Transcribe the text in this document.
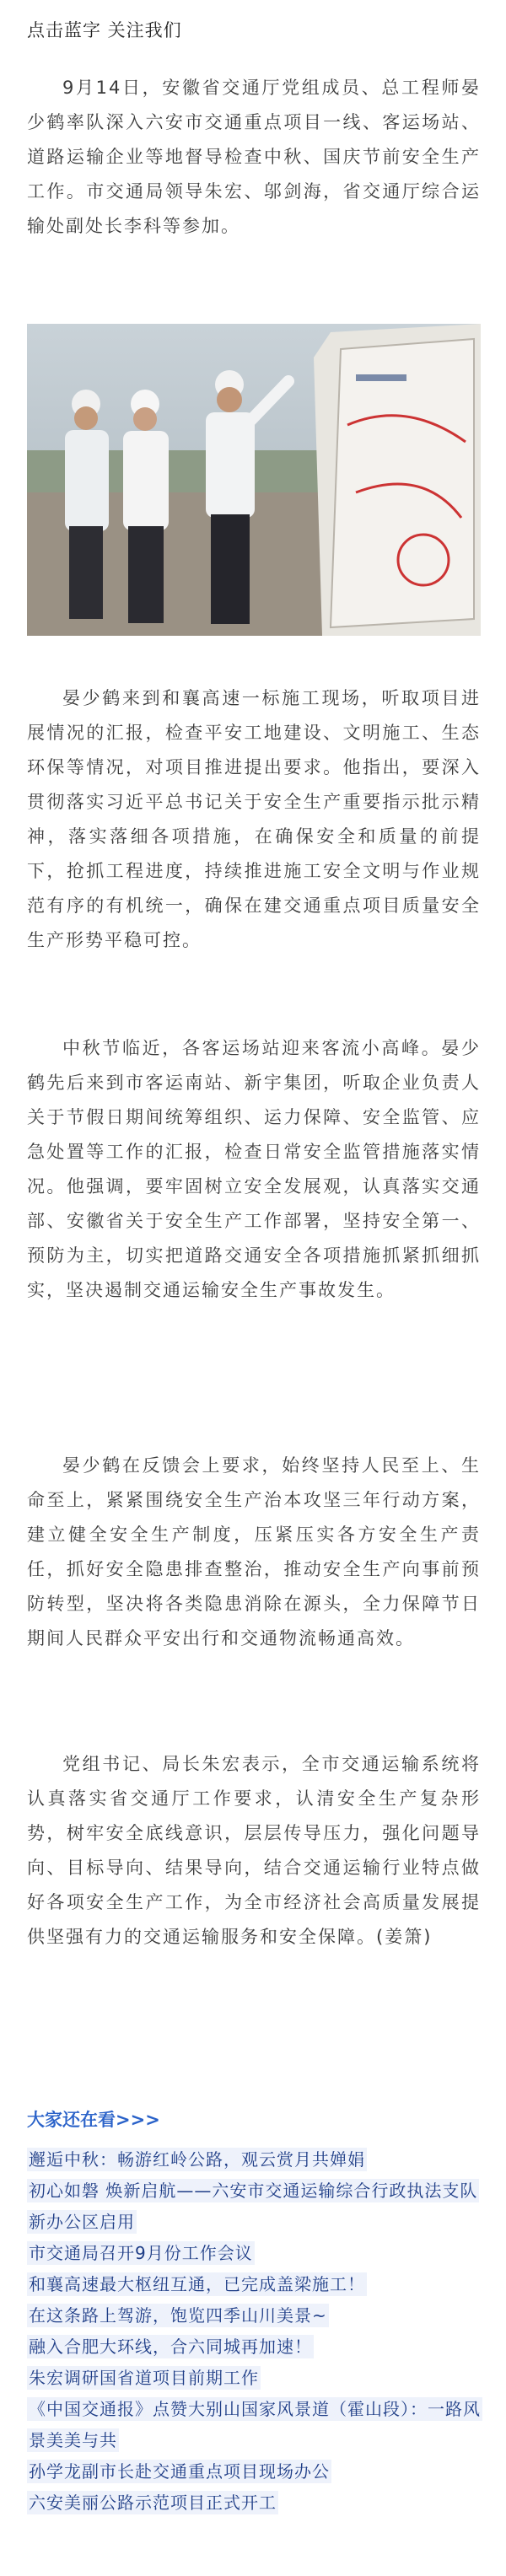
点击蓝字 关注我们

9月14日，安徽省交通厅党组成员、总工程师晏少鹤率队深入六安市交通重点项目一线、客运场站、道路运输企业等地督导检查中秋、国庆节前安全生产工作。市交通局领导朱宏、邬剑海，省交通厅综合运输处副处长李科等参加。

晏少鹤来到和襄高速一标施工现场，听取项目进展情况的汇报，检查平安工地建设、文明施工、生态环保等情况，对项目推进提出要求。他指出，要深入贯彻落实习近平总书记关于安全生产重要指示批示精神，落实落细各项措施，在确保安全和质量的前提下，抢抓工程进度，持续推进施工安全文明与作业规范有序的有机统一，确保在建交通重点项目质量安全生产形势平稳可控。

中秋节临近，各客运场站迎来客流小高峰。晏少鹤先后来到市客运南站、新宇集团，听取企业负责人关于节假日期间统筹组织、运力保障、安全监管、应急处置等工作的汇报，检查日常安全监管措施落实情况。他强调，要牢固树立安全发展观，认真落实交通部、安徽省关于安全生产工作部署，坚持安全第一、预防为主，切实把道路交通安全各项措施抓紧抓细抓实，坚决遏制交通运输安全生产事故发生。

晏少鹤在反馈会上要求，始终坚持人民至上、生命至上，紧紧围绕安全生产治本攻坚三年行动方案，建立健全安全生产制度，压紧压实各方安全生产责任，抓好安全隐患排查整治，推动安全生产向事前预防转型，坚决将各类隐患消除在源头，全力保障节日期间人民群众平安出行和交通物流畅通高效。

党组书记、局长朱宏表示，全市交通运输系统将认真落实省交通厅工作要求，认清安全生产复杂形势，树牢安全底线意识，层层传导压力，强化问题导向、目标导向、结果导向，结合交通运输行业特点做好各项安全生产工作，为全市经济社会高质量发展提供坚强有力的交通运输服务和安全保障。(姜箫)

大家还在看>>>
邂逅中秋：畅游红岭公路，观云赏月共婵娟
初心如磐 焕新启航——六安市交通运输综合行政执法支队新办公区启用
市交通局召开9月份工作会议
和襄高速最大枢纽互通，已完成盖梁施工！
在这条路上驾游，饱览四季山川美景~
融入合肥大环线，合六同城再加速！
朱宏调研国省道项目前期工作
《中国交通报》点赞大别山国家风景道（霍山段）：一路风景美美与共
孙学龙副市长赴交通重点项目现场办公
六安美丽公路示范项目正式开工
